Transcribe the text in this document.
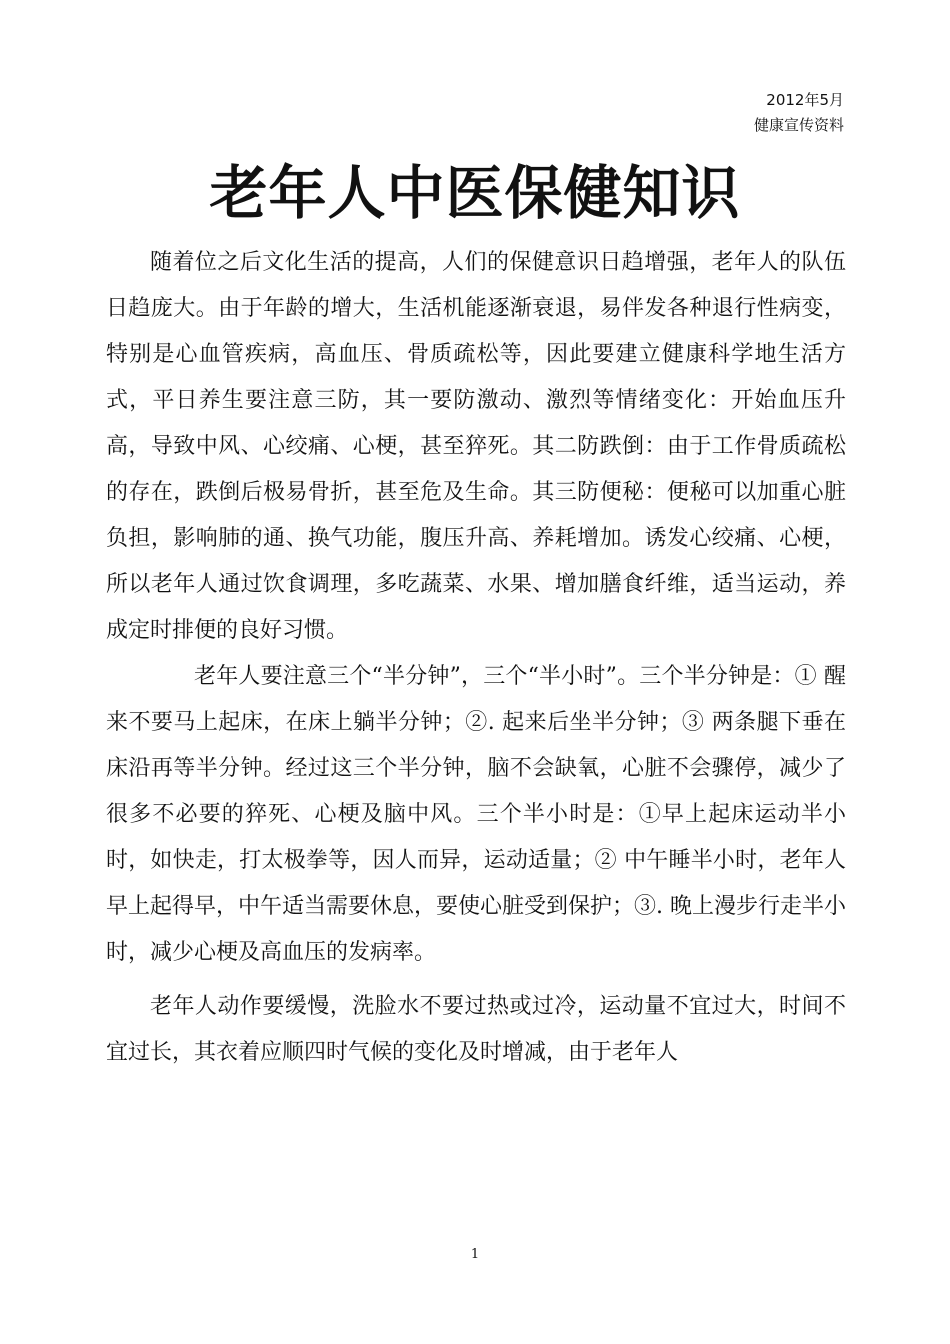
2012年5月
健康宣传资料
老年人中医保健知识

随着位之后文化生活的提高，人们的保健意识日趋增强，老年人的队伍日趋庞大。由于年龄的增大，生活机能逐渐衰退，易伴发各种退行性病变，特别是心血管疾病，高血压、骨质疏松等，因此要建立健康科学地生活方式，平日养生要注意三防，其一要防激动、激烈等情绪变化：开始血压升高，导致中风、心绞痛、心梗，甚至猝死。其二防跌倒：由于工作骨质疏松的存在，跌倒后极易骨折，甚至危及生命。其三防便秘：便秘可以加重心脏负担，影响肺的通、换气功能，腹压升高、养耗增加。诱发心绞痛、心梗，所以老年人通过饮食调理，多吃蔬菜、水果、增加膳食纤维，适当运动，养成定时排便的良好习惯。

老年人要注意三个“半分钟”，三个“半小时”。三个半分钟是：① 醒来不要马上起床，在床上躺半分钟；②. 起来后坐半分钟；③ 两条腿下垂在床沿再等半分钟。经过这三个半分钟，脑不会缺氧，心脏不会骤停，减少了很多不必要的猝死、心梗及脑中风。三个半小时是：①早上起床运动半小时，如快走，打太极拳等，因人而异，运动适量；② 中午睡半小时，老年人早上起得早，中午适当需要休息，要使心脏受到保护；③. 晚上漫步行走半小时，减少心梗及高血压的发病率。

老年人动作要缓慢，洗脸水不要过热或过冷，运动量不宜过大，时间不宜过长，其衣着应顺四时气候的变化及时增减，由于老年人

1
